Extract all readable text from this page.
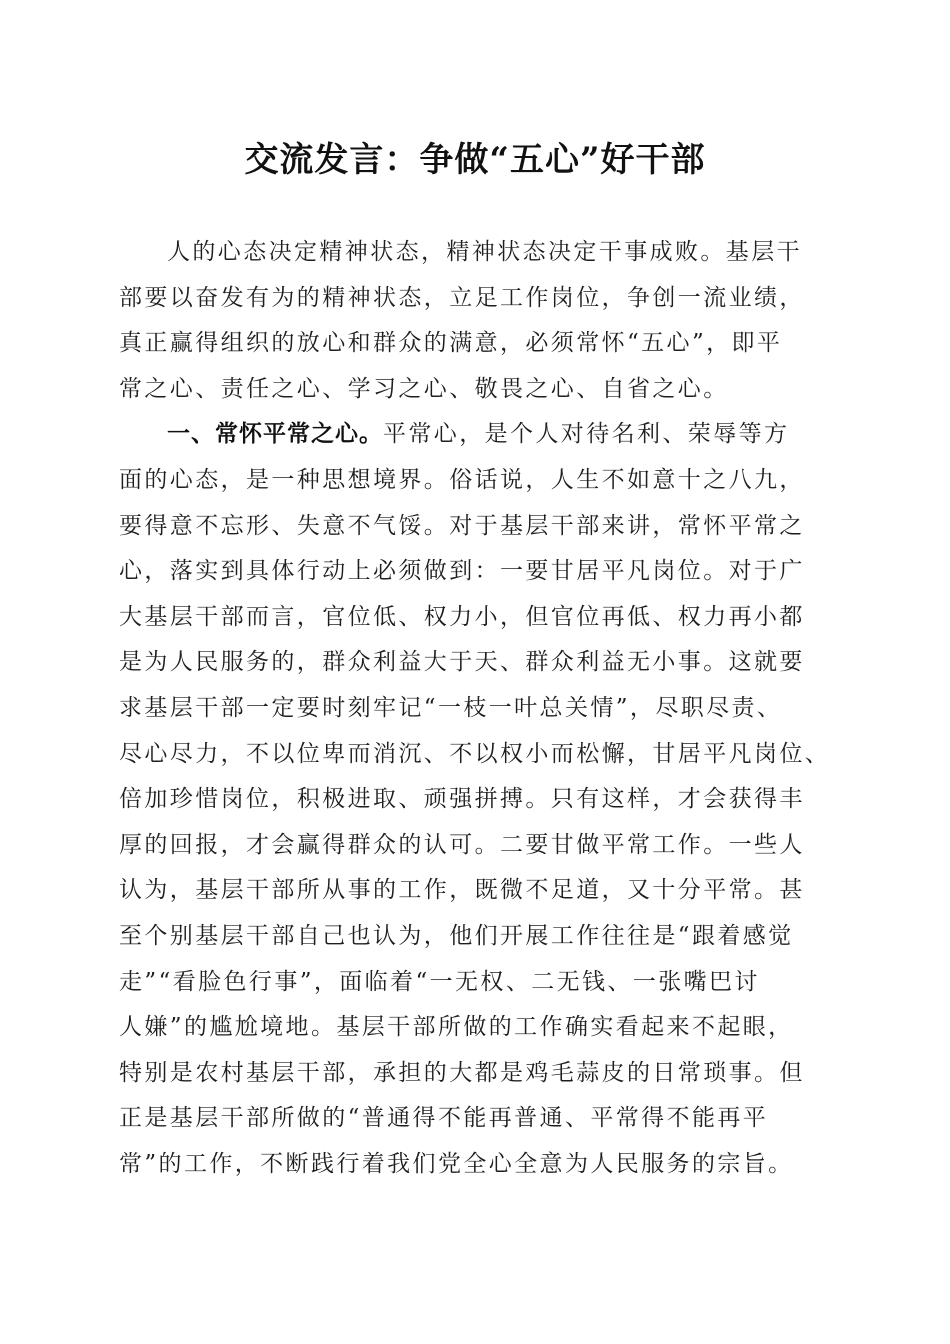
交流发言：争做“五心”好干部
人的心态决定精神状态，精神状态决定干事成败。基层干
部要以奋发有为的精神状态，立足工作岗位，争创一流业绩，
真正赢得组织的放心和群众的满意，必须常怀“五心”，即平
常之心、责任之心、学习之心、敬畏之心、自省之心。
一、常怀平常之心。平常心，是个人对待名利、荣辱等方
面的心态，是一种思想境界。俗话说，人生不如意十之八九，
要得意不忘形、失意不气馁。对于基层干部来讲，常怀平常之
心，落实到具体行动上必须做到：一要甘居平凡岗位。对于广
大基层干部而言，官位低、权力小，但官位再低、权力再小都
是为人民服务的，群众利益大于天、群众利益无小事。这就要
求基层干部一定要时刻牢记“一枝一叶总关情”，尽职尽责、
尽心尽力，不以位卑而消沉、不以权小而松懈，甘居平凡岗位、
倍加珍惜岗位，积极进取、顽强拼搏。只有这样，才会获得丰
厚的回报，才会赢得群众的认可。二要甘做平常工作。一些人
认为，基层干部所从事的工作，既微不足道，又十分平常。甚
至个别基层干部自己也认为，他们开展工作往往是“跟着感觉
走”“看脸色行事”，面临着“一无权、二无钱、一张嘴巴讨
人嫌”的尴尬境地。基层干部所做的工作确实看起来不起眼，
特别是农村基层干部，承担的大都是鸡毛蒜皮的日常琐事。但
正是基层干部所做的“普通得不能再普通、平常得不能再平
常”的工作，不断践行着我们党全心全意为人民服务的宗旨。
